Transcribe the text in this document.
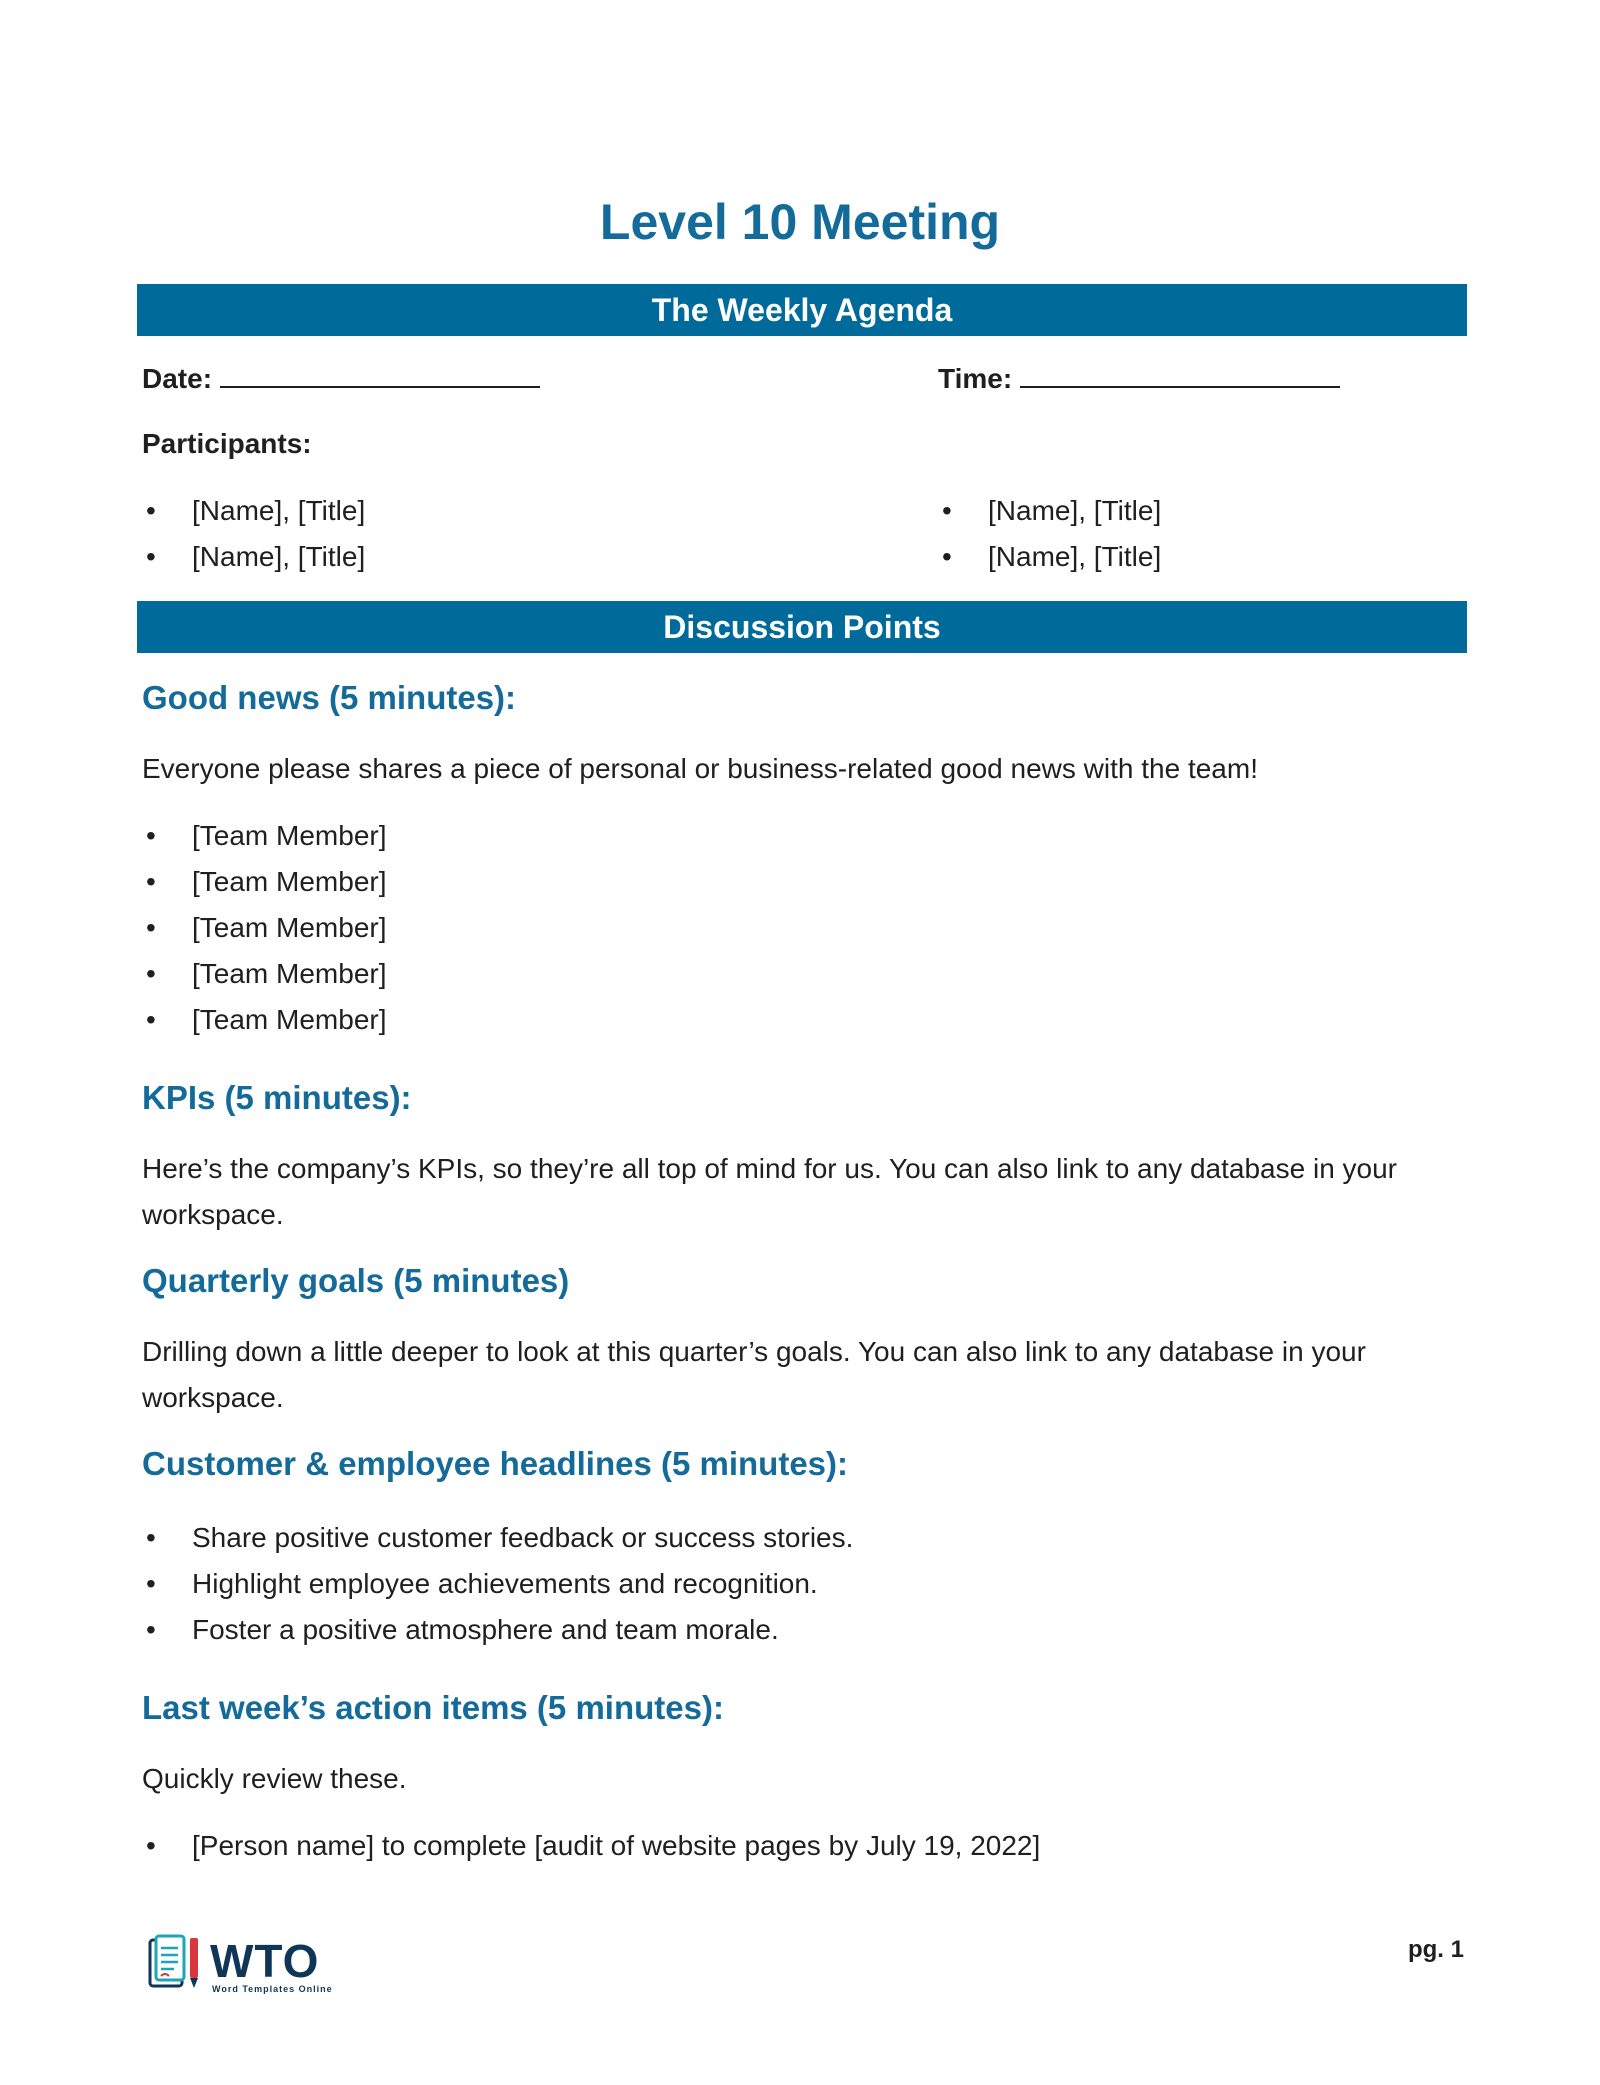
Level 10 Meeting
The Weekly Agenda
Date:	Time:
Participants:
• [Name], [Title]
• [Name], [Title]
• [Name], [Title]
• [Name], [Title]
Discussion Points
Good news (5 minutes):
Everyone please shares a piece of personal or business-related good news with the team!
• [Team Member]
• [Team Member]
• [Team Member]
• [Team Member]
• [Team Member]
KPIs (5 minutes):
Here’s the company’s KPIs, so they’re all top of mind for us. You can also link to any database in your workspace.
Quarterly goals (5 minutes)
Drilling down a little deeper to look at this quarter’s goals. You can also link to any database in your workspace.
Customer & employee headlines (5 minutes):
• Share positive customer feedback or success stories.
• Highlight employee achievements and recognition.
• Foster a positive atmosphere and team morale.
Last week’s action items (5 minutes):
Quickly review these.
• [Person name] to complete [audit of website pages by July 19, 2022]
WTO
Word Templates Online
pg. 1
